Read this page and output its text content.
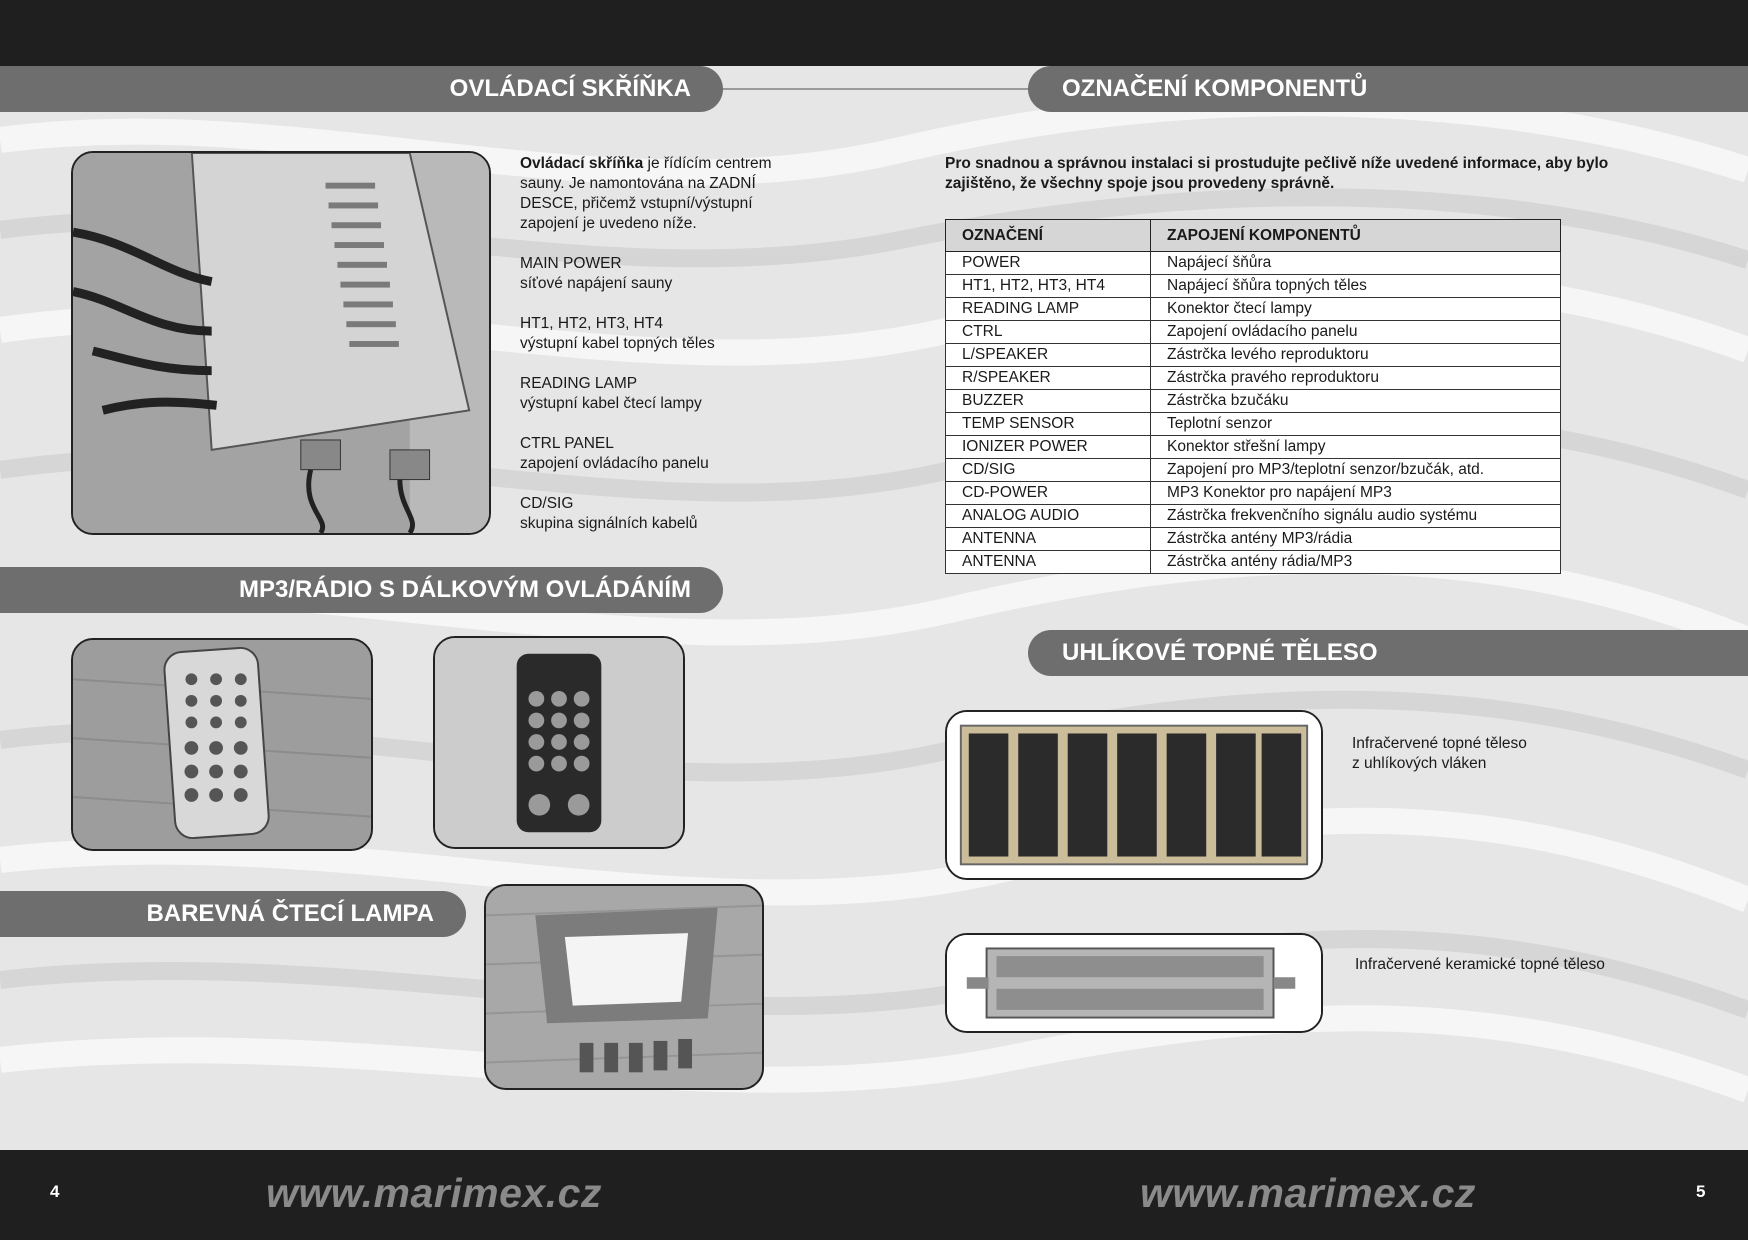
OVLÁDACÍ SKŘÍŇKA	OZNAČENÍ KOMPONENTŮ
MP3/RÁDIO S DÁLKOVÝM OVLÁDÁNÍM
UHLÍKOVÉ TOPNÉ TĚLESO
BAREVNÁ ČTECÍ LAMPA

Ovládací skříňka je řídícím centrem sauny. Je namontována na ZADNÍ DESCE, přičemž vstupní/výstupní zapojení je uvedeno níže.

MAIN POWER
síťové napájení sauny

HT1, HT2, HT3, HT4
výstupní kabel topných těles

READING LAMP
výstupní kabel čtecí lampy

CTRL PANEL
zapojení ovládacího panelu

CD/SIG
skupina signálních kabelů

Pro snadnou a správnou instalaci si prostudujte pečlivě níže uvedené informace, aby bylo zajištěno, že všechny spoje jsou provedeny správně.
OZNAČENÍ	ZAPOJENÍ KOMPONENTŮ
POWER	Napájecí šňůra
HT1, HT2, HT3, HT4	Napájecí šňůra topných těles
READING LAMP	Konektor čtecí lampy
CTRL	Zapojení ovládacího panelu
L/SPEAKER	Zástrčka levého reproduktoru
R/SPEAKER	Zástrčka pravého reproduktoru
BUZZER	Zástrčka bzučáku
TEMP SENSOR	Teplotní senzor
IONIZER POWER	Konektor střešní lampy
CD/SIG	Zapojení pro MP3/teplotní senzor/bzučák, atd.
CD-POWER	MP3 Konektor pro napájení MP3
ANALOG AUDIO	Zástrčka frekvenčního signálu audio systému
ANTENNA	Zástrčka antény MP3/rádia
ANTENNA	Zástrčka antény rádia/MP3
Infračervené topné těleso
z uhlíkových vláken
Infračervené keramické topné těleso
4	www.marimex.cz	www.marimex.cz	5
